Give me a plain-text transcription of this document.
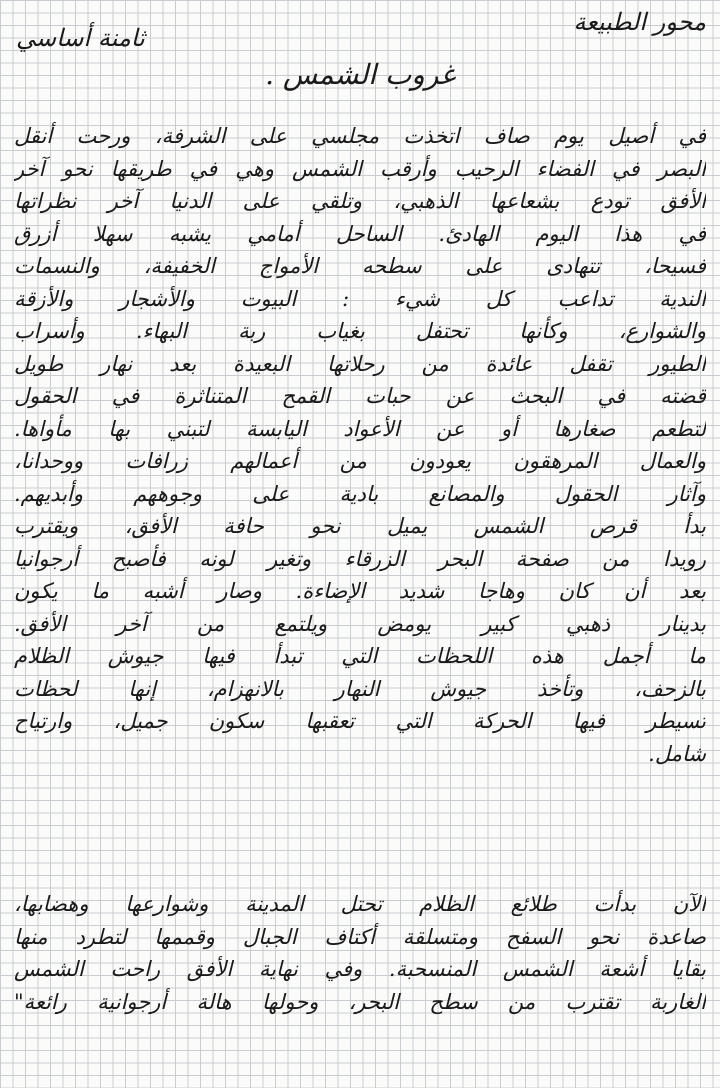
محور الطبيعة
ثامنة أساسي
غروب الشمس .
في أصيل يوم صاف اتخذت مجلسي على الشرفة، ورحت أنقل
البصر في الفضاء الرحيب وأرقب الشمس وهي في طريقها نحو آخر
الأفق تودع بشعاعها الذهبي، وتلقي على الدنيا آخر نظراتها
في هذا اليوم الهادئ. الساحل أمامي يشبه سهلا أزرق
فسيحا، تتهادى على سطحه الأمواج الخفيفة، والنسمات
الندية تداعب كل شيء : البيوت والأشجار والأزقة
والشوارع، وكأنها تحتفل بغياب ربة البهاء. وأسراب
الطيور تقفل عائدة من رحلاتها البعيدة بعد نهار طويل
قضته في البحث عن حبات القمح المتناثرة في الحقول
لتطعم صغارها أو عن الأعواد اليابسة لتبني بها مأواها.
والعمال المرهقون يعودون من أعمالهم زرافات ووحدانا،
وآثار الحقول والمصانع بادية على وجوههم وأبديهم.
بدأ قرص الشمس يميل نحو حافة الأفق، ويقترب
رويدا من صفحة البحر الزرقاء وتغير لونه فأصبح أرجوانيا
بعد أن كان وهاجا شديد الإضاءة. وصار أشبه ما يكون
بدينار ذهبي كبير يومض ويلتمع من آخر الأفق.
ما أجمل هذه اللحظات التي تبدأ فيها جيوش الظلام
بالزحف، وتأخذ جيوش النهار بالانهزام، إنها لحظات
تسيطر فيها الحركة التي تعقبها سكون جميل، وارتياح
شامل.
الآن بدأت طلائع الظلام تحتل المدينة وشوارعها وهضابها،
صاعدة نحو السفح ومتسلقة أكتاف الجبال وقممها لتطرد منها
بقايا أشعة الشمس المنسحبة. وفي نهاية الأفق راحت الشمس
الغاربة تقترب من سطح البحر، وحولها هالة أرجوانية رائعة"
